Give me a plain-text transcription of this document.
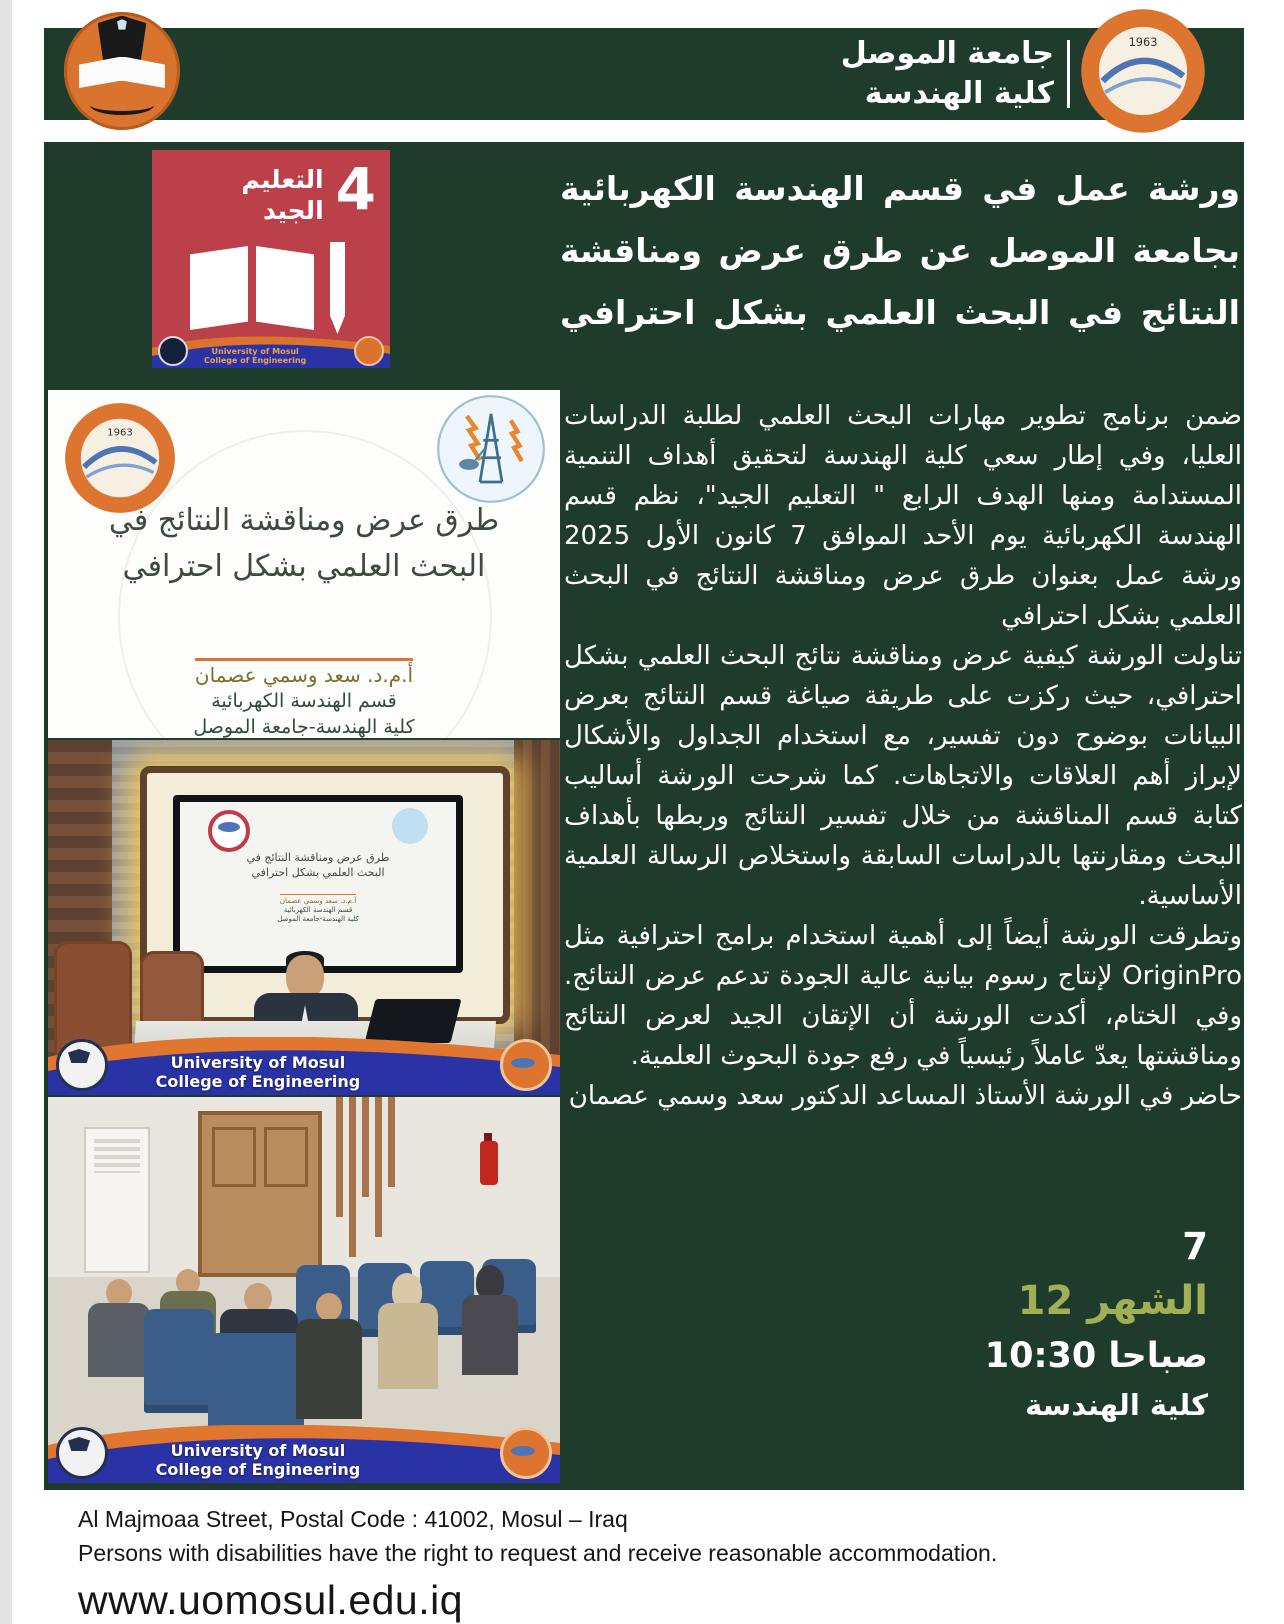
جامعة الموصل
كلية الهندسة
1963
4
التعليم
الجيد
University of Mosul
College of Engineering
ورشة عمل في قسم الهندسة الكهربائية
بجامعة الموصل عن طرق عرض ومناقشة
النتائج في البحث العلمي بشكل احترافي
1963
طرق عرض ومناقشة النتائج في
البحث العلمي بشكل احترافي
أ.م.د. سعد وسمي عصمان
قسم الهندسة الكهربائية
كلية الهندسة-جامعة الموصل

ضمن برنامج تطوير مهارات البحث العلمي لطلبة الدراسات العليا، وفي إطار سعي كلية الهندسة لتحقيق أهداف التنمية المستدامة ومنها الهدف الرابع " التعليم الجيد"، نظم قسم الهندسة الكهربائية يوم الأحد الموافق 7 كانون الأول 2025 ورشة عمل بعنوان طرق عرض ومناقشة النتائج في البحث العلمي بشكل احترافي

تناولت الورشة كيفية عرض ومناقشة نتائج البحث العلمي بشكل احترافي، حيث ركزت على طريقة صياغة قسم النتائج بعرض البيانات بوضوح دون تفسير، مع استخدام الجداول والأشكال لإبراز أهم العلاقات والاتجاهات. كما شرحت الورشة أساليب كتابة قسم المناقشة من خلال تفسير النتائج وربطها بأهداف البحث ومقارنتها بالدراسات السابقة واستخلاص الرسالة العلمية الأساسية.

وتطرقت الورشة أيضاً إلى أهمية استخدام برامج احترافية مثل OriginPro لإنتاج رسوم بيانية عالية الجودة تدعم عرض النتائج. وفي الختام، أكدت الورشة أن الإتقان الجيد لعرض النتائج ومناقشتها يعدّ عاملاً رئيسياً في رفع جودة البحوث العلمية.

حاضر في الورشة الأستاذ المساعد الدكتور سعد وسمي عصمان

7
الشهر 12
10:30 صباحا
كلية الهندسة
طرق عرض ومناقشة النتائج في
البحث العلمي بشكل احترافي
أ.م.د. سعد وسمي عصمان
قسم الهندسة الكهربائية
كلية الهندسة-جامعة الموصل
University of Mosul
College of Engineering
University of Mosul
College of Engineering
Al Majmoaa Street, Postal Code : 41002, Mosul – Iraq
Persons with disabilities have the right to request and receive reasonable accommodation.
www.uomosul.edu.iq
